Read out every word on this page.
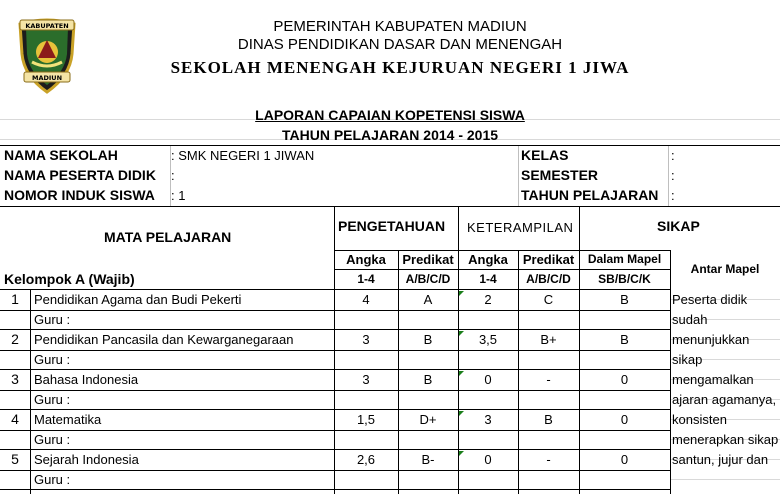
KABUPATEN
MADIUN
PEMERINTAH KABUPATEN MADIUN
DINAS PENDIDIKAN DASAR DAN MENENGAH
SEKOLAH MENENGAH KEJURUAN NEGERI 1 JIWA
LAPORAN CAPAIAN KOPETENSI SISWA
TAHUN PELAJARAN 2014 - 2015
NAMA SEKOLAH	: SMK NEGERI 1 JIWAN	KELAS	:
NAMA PESERTA DIDIK :	SEMESTER	:
NOMOR INDUK SISWA : 1	TAHUN PELAJARAN :
MATA PELAJARAN
PENGETAHUAN KETERAMPILAN	SIKAP
Angka	Predikat	Angka	Predikat	Dalam Mapel
Antar Mapel
Kelompok A (Wajib)	1-4	A/B/C/D	1-4	A/B/C/D	SB/B/C/K
1	Pendidikan Agama dan Budi Pekerti	4	A	2	C	B
Guru :
2	Pendidikan Pancasila dan Kewarganegaraan	3	B	3,5	B+	B
Guru :
3	Bahasa Indonesia	3	B	0	-	0
Guru :
4	Matematika	1,5	D+	3	B	0
Guru :
5	Sejarah Indonesia	2,6	B-	0	-	0
Guru :
Peserta didik sudah menunjukkan sikap mengamalkan ajaran agamanya, konsisten menerapkan sikap santun, jujur dan
